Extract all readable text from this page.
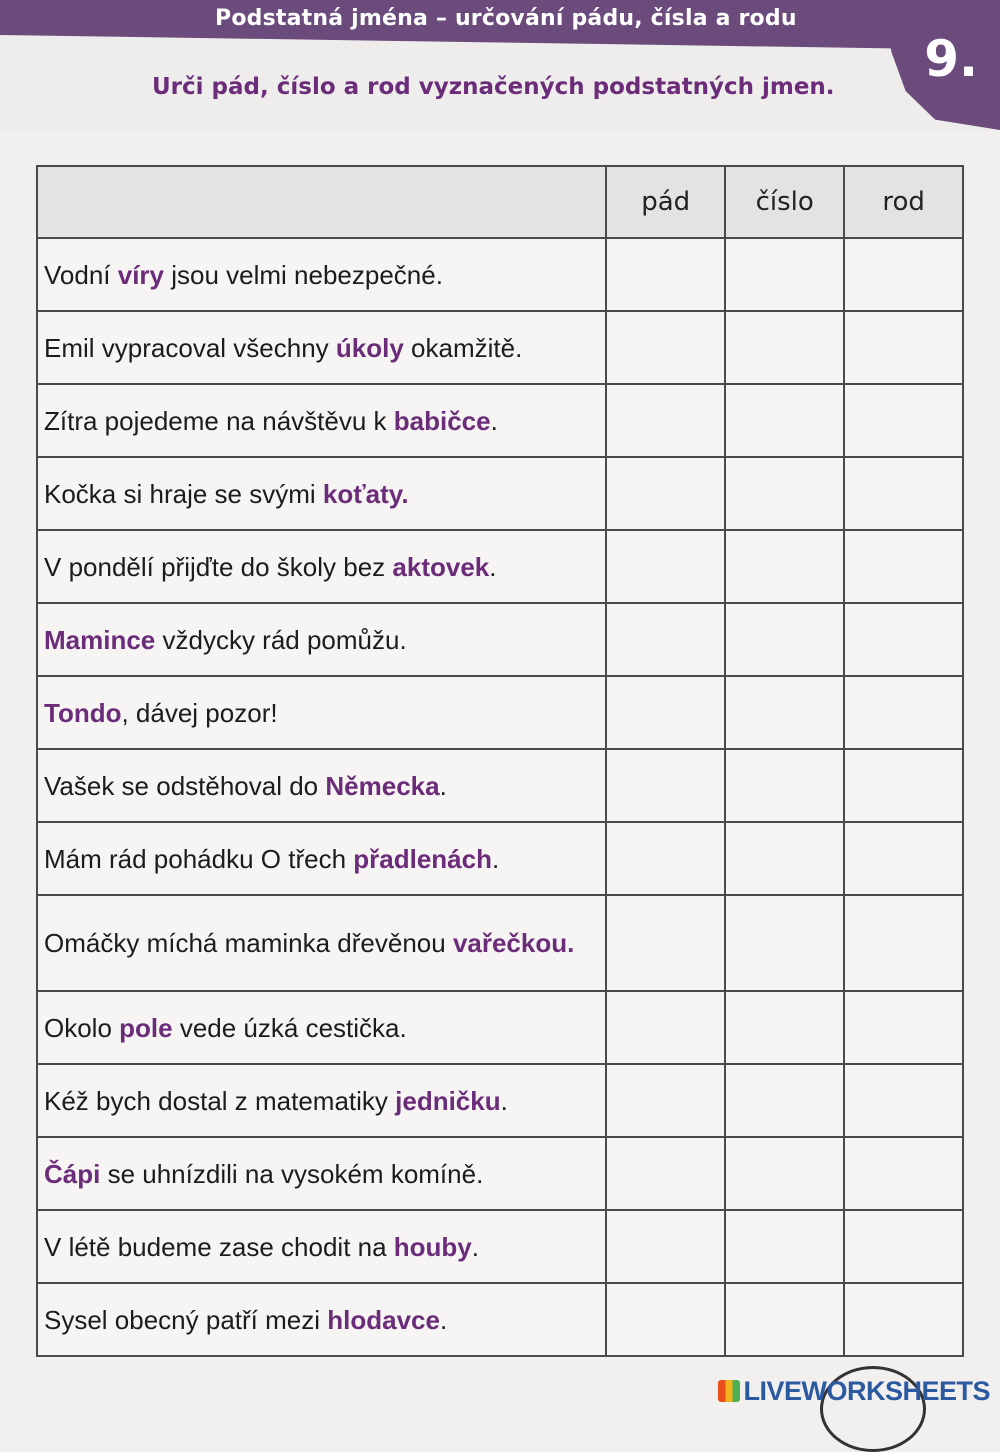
Podstatná jména – určování pádu, čísla a rodu
9.
Urči pád, číslo a rod vyznačených podstatných jmen.
	pád	číslo	rod
Vodní víry jsou velmi nebezpečné.			
Emil vypracoval všechny úkoly okamžitě.			
Zítra pojedeme na návštěvu k babičce.			
Kočka si hraje se svými koťaty.			
V pondělí přijďte do školy bez aktovek.			
Mamince vždycky rád pomůžu.			
Tondo, dávej pozor!			
Vašek se odstěhoval do Německa.			
Mám rád pohádku O třech přadlenách.			
Omáčky míchá maminka dřevěnou vařečkou.			
Okolo pole vede úzká cestička.			
Kéž bych dostal z matematiky jedničku.			
Čápi se uhnízdili na vysokém komíně.			
V létě budeme zase chodit na houby.			
Sysel obecný patří mezi hlodavce.			
LIVEWORKSHEETS
